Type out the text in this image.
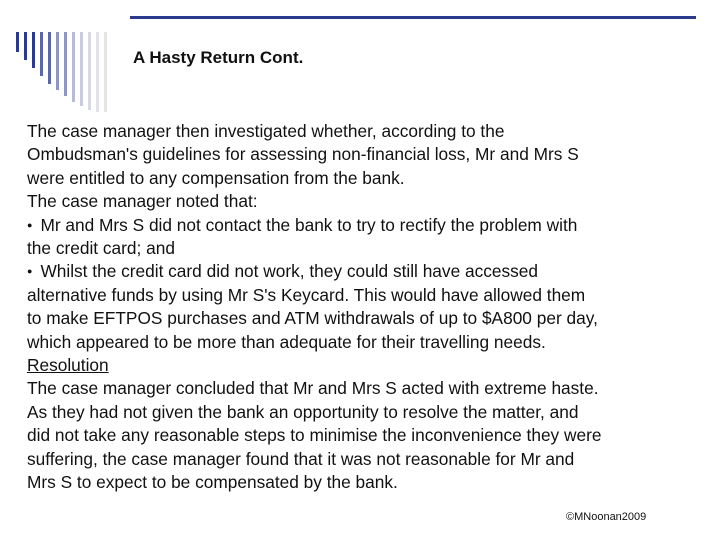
A Hasty Return Cont.

The case manager then investigated whether, according to the

Ombudsman's guidelines for assessing non-financial loss, Mr and Mrs S

were entitled to any compensation from the bank.

The case manager noted that:

● Mr and Mrs S did not contact the bank to try to rectify the problem with

the credit card; and

● Whilst the credit card did not work, they could still have accessed

alternative funds by using Mr S's Keycard. This would have allowed them

to make EFTPOS purchases and ATM withdrawals of up to $A800 per day,

which appeared to be more than adequate for their travelling needs.

Resolution

The case manager concluded that Mr and Mrs S acted with extreme haste.

As they had not given the bank an opportunity to resolve the matter, and

did not take any reasonable steps to minimise the inconvenience they were

suffering, the case manager found that it was not reasonable for Mr and

Mrs S to expect to be compensated by the bank.

©MNoonan2009
